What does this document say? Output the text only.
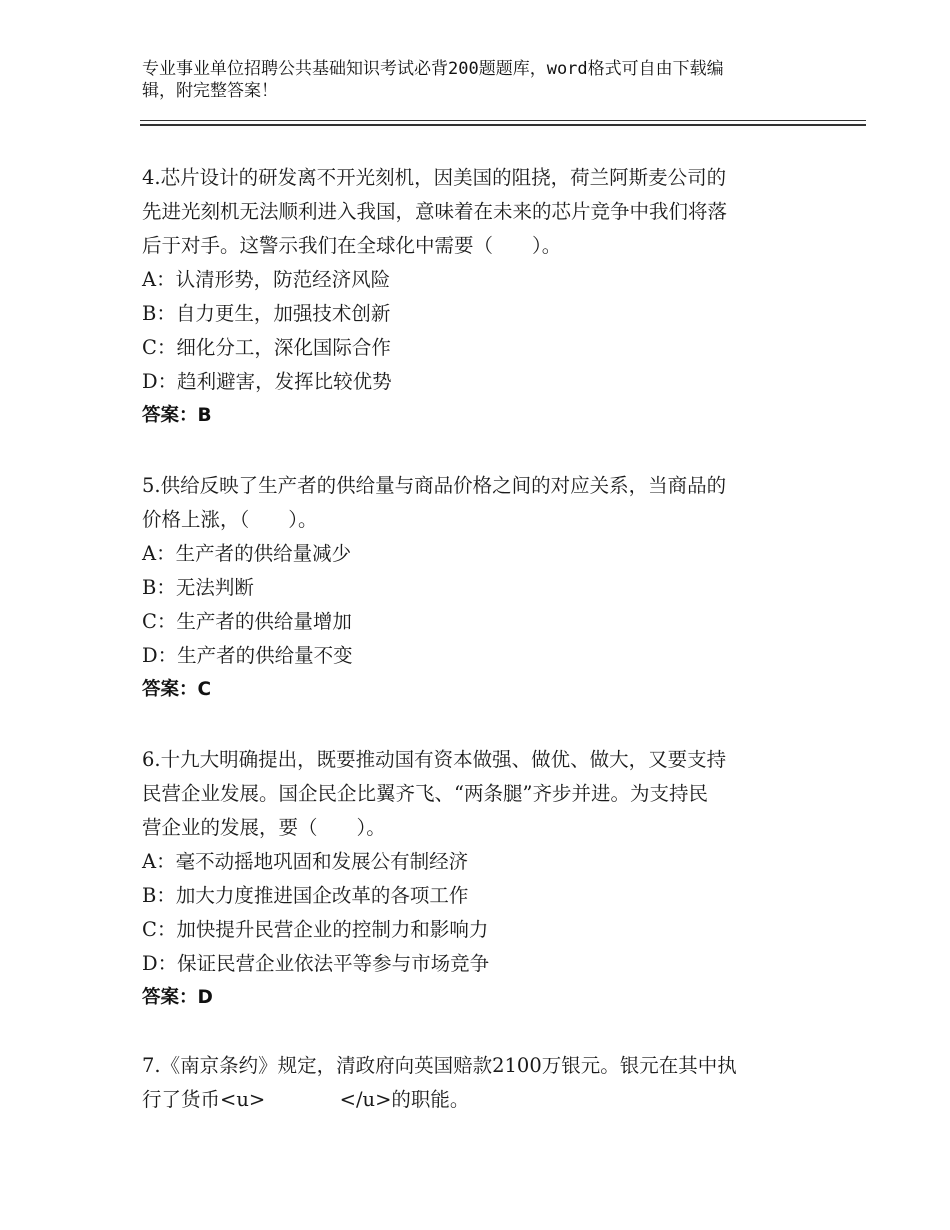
专业事业单位招聘公共基础知识考试必背200题题库，word格式可自由下载编
辑，附完整答案！

4.芯片设计的研发离不开光刻机，因美国的阻挠，荷兰阿斯麦公司的

先进光刻机无法顺利进入我国，意味着在未来的芯片竞争中我们将落

后于对手。这警示我们在全球化中需要（　　）。

A：认清形势，防范经济风险

B：自力更生，加强技术创新

C：细化分工，深化国际合作

D：趋利避害，发挥比较优势

答案：B

5.供给反映了生产者的供给量与商品价格之间的对应关系，当商品的

价格上涨，（　　）。

A：生产者的供给量减少

B：无法判断

C：生产者的供给量增加

D：生产者的供给量不变

答案：C

6.十九大明确提出，既要推动国有资本做强、做优、做大，又要支持

民营企业发展。国企民企比翼齐飞、“两条腿”齐步并进。为支持民

营企业的发展，要（　　）。

A：毫不动摇地巩固和发展公有制经济

B：加大力度推进国企改革的各项工作

C：加快提升民营企业的控制力和影响力

D：保证民营企业依法平等参与市场竞争

答案：D

7.《南京条约》规定，清政府向英国赔款2100万银元。银元在其中执

行了货币<u>            </u>的职能。
